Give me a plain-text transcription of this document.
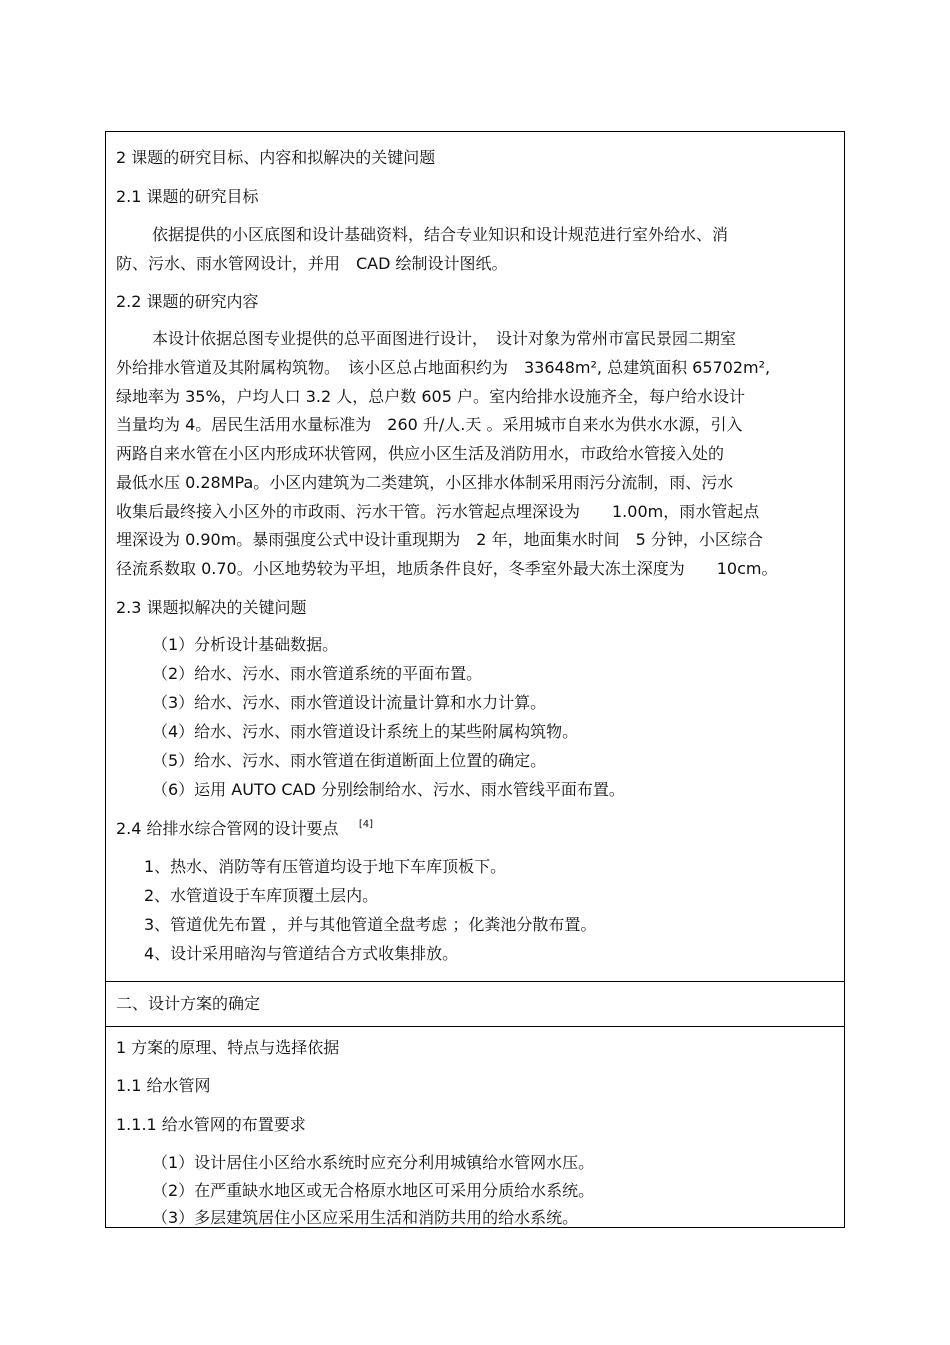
2 课题的研究目标、内容和拟解决的关键问题
2.1 课题的研究目标
依据提供的小区底图和设计基础资料，结合专业知识和设计规范进行室外给水、消
防、污水、雨水管网设计，并用　CAD 绘制设计图纸。
2.2 课题的研究内容
本设计依据总图专业提供的总平面图进行设计，　设计对象为常州市富民景园二期室
外给排水管道及其附属构筑物。　该小区总占地面积约为　33648m², 总建筑面积 65702m²,
绿地率为 35%，户均人口 3.2 人，总户数 605 户。室内给排水设施齐全，每户给水设计
当量均为 4。居民生活用水量标准为　260 升/人.天 。采用城市自来水为供水水源，引入
两路自来水管在小区内形成环状管网，供应小区生活及消防用水，市政给水管接入处的
最低水压 0.28MPa。小区内建筑为二类建筑，小区排水体制采用雨污分流制，雨、污水
收集后最终接入小区外的市政雨、污水干管。污水管起点埋深设为　　1.00m，雨水管起点
埋深设为 0.90m。暴雨强度公式中设计重现期为　2 年，地面集水时间　5 分钟，小区综合
径流系数取 0.70。小区地势较为平坦，地质条件良好，冬季室外最大冻土深度为　　10cm。
2.3 课题拟解决的关键问题
（1）分析设计基础数据。
（2）给水、污水、雨水管道系统的平面布置。
（3）给水、污水、雨水管道设计流量计算和水力计算。
（4）给水、污水、雨水管道设计系统上的某些附属构筑物。
（5）给水、污水、雨水管道在街道断面上位置的确定。
（6）运用 AUTO CAD 分别绘制给水、污水、雨水管线平面布置。
2.4 给排水综合管网的设计要点 [4]
1、热水、消防等有压管道均设于地下车库顶板下。
2、水管道设于车库顶覆土层内。
3、管道优先布置 ，并与其他管道全盘考虑 ；化粪池分散布置。
4、设计采用暗沟与管道结合方式收集排放。
二、设计方案的确定
1 方案的原理、特点与选择依据
1.1 给水管网
1.1.1 给水管网的布置要求
（1）设计居住小区给水系统时应充分利用城镇给水管网水压。
（2）在严重缺水地区或无合格原水地区可采用分质给水系统。
（3）多层建筑居住小区应采用生活和消防共用的给水系统。
